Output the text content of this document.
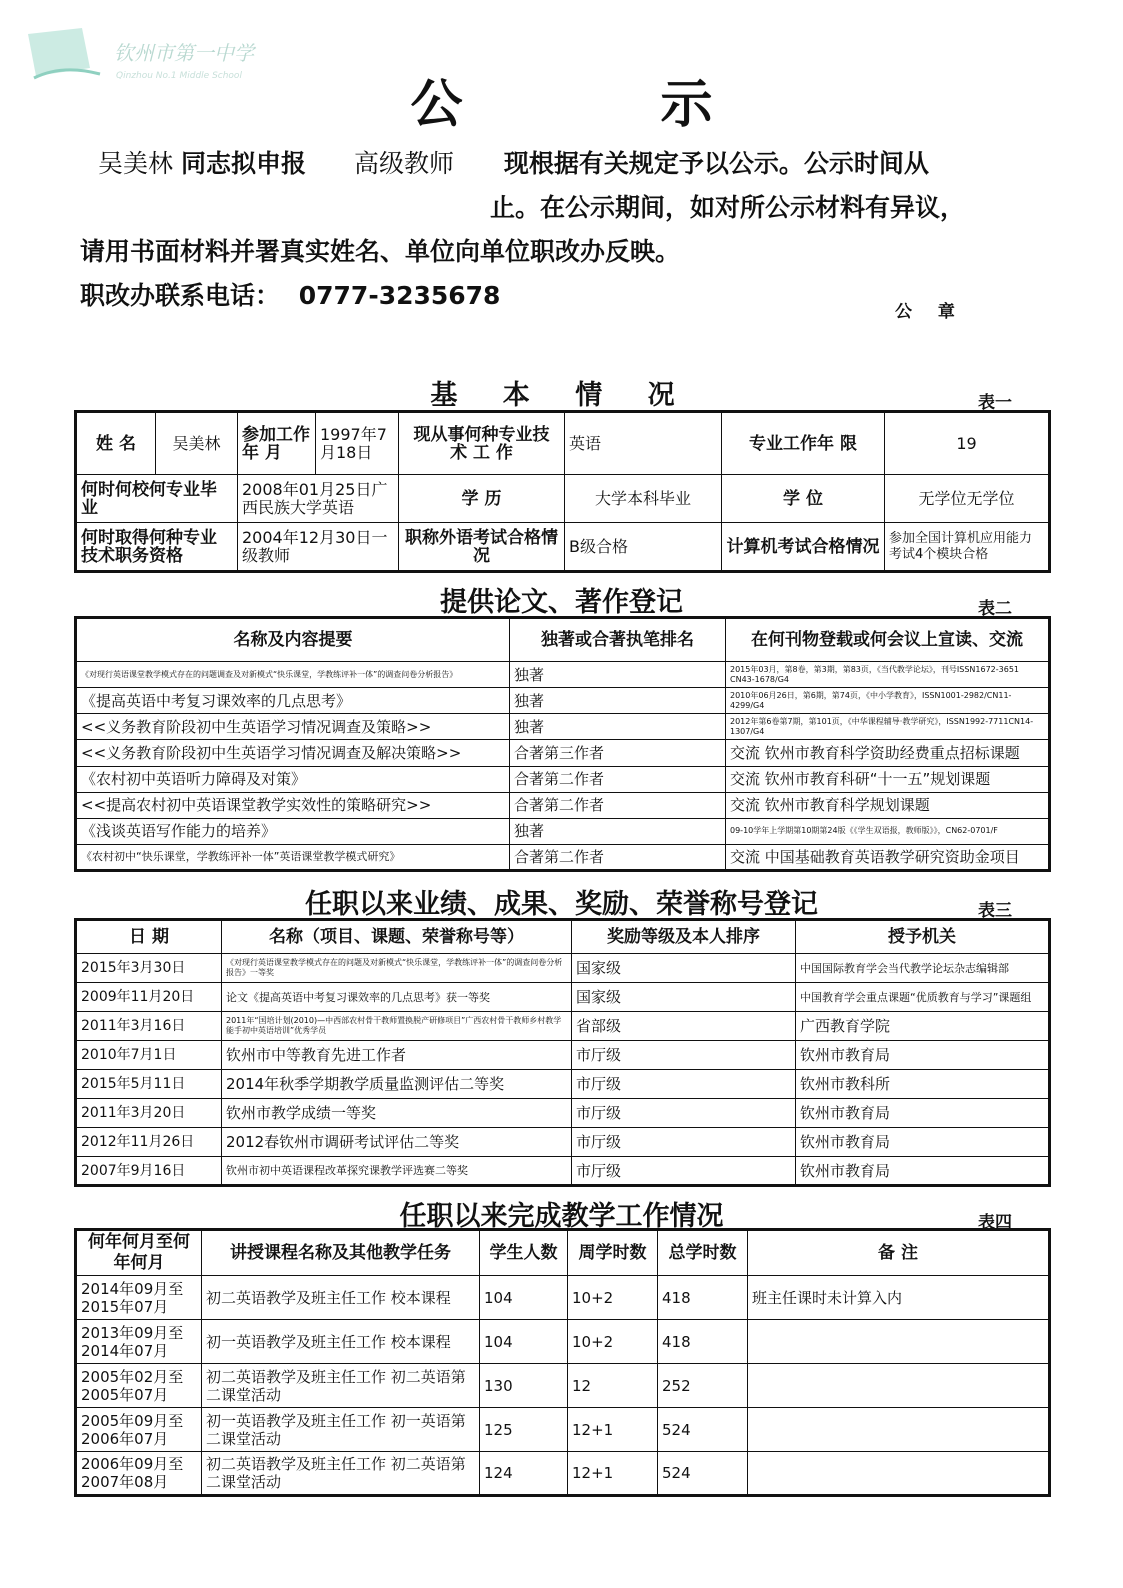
钦州市第一中学
Qinzhou No.1 Middle School	公 示
吴美林 同志拟申报 高级教师 现根据有关规定予以公示。公示时间从
止。在公示期间，如对所公示材料有异议，
请用书面材料并署真实姓名、单位向单位职改办反映。
职改办联系电话： 0777-3235678
公 章
基 本 情 况	表一
姓 名	吴美林	参加工作年 月	1997年7月18日	现从事何种专业技 术 工 作	英语	专业工作年 限	19
何时何校何专业毕 业		2008年01月25日广西民族大学英语		学 历	大学本科毕业	学 位	无学位无学位
何时取得何种专业技术职务资格		2004年12月30日一级教师		职称外语考试合格情况	B级合格	计算机考试合格情况	参加全国计算机应用能力考试4个模块合格
提供论文、著作登记	表二
名称及内容提要	独著或合著执笔排名	在何刊物登载或何会议上宣读、交流
《对现行英语课堂教学模式存在的问题调查及对新模式“快乐课堂，学教练评补一体”的调查问卷分析报告》	独著	2015年03月，第8卷，第3期，第83页，《当代教学论坛》，刊号ISSN1672-3651 CN43-1678/G4
《提高英语中考复习课效率的几点思考》	独著	2010年06月26日，第6期，第74页，《中小学教育》，ISSN1001-2982/CN11-4299/G4
<<义务教育阶段初中生英语学习情况调查及策略>>	独著	2012年第6卷第7期，第101页，《中华课程辅导·教学研究》，ISSN1992-7711CN14-1307/G4
<<义务教育阶段初中生英语学习情况调查及解决策略>>	合著第三作者	交流 钦州市教育科学资助经费重点招标课题
《农村初中英语听力障碍及对策》	合著第二作者	交流 钦州市教育科研“十一五”规划课题
<<提高农村初中英语课堂教学实效性的策略研究>>	合著第二作者	交流 钦州市教育科学规划课题
《浅谈英语写作能力的培养》	独著	09-10学年上学期第10期第24版《《学生双语报，教师版》》，CN62-0701/F
《农村初中“快乐课堂，学教练评补一体”英语课堂教学模式研究》	合著第二作者	交流 中国基础教育英语教学研究资助金项目
任职以来业绩、成果、奖励、荣誉称号登记	表三
日 期	名称（项目、课题、荣誉称号等）	奖励等级及本人排序	授予机关
2015年3月30日	《对现行英语课堂教学模式存在的问题及对新模式“快乐课堂，学教练评补一体”的调查问卷分析报告》一等奖	国家级	中国国际教育学会当代教学论坛杂志编辑部
2009年11月20日	论文《提高英语中考复习课效率的几点思考》获一等奖	国家级	中国教育学会重点课题“优质教育与学习”课题组
2011年3月16日	2011年“国培计划(2010)—中西部农村骨干教师置换脱产研修项目”广西农村骨干教师乡村教学能手初中英语培训”优秀学员	省部级	广西教育学院
2010年7月1日	钦州市中等教育先进工作者	市厅级	钦州市教育局
2015年5月11日	2014年秋季学期教学质量监测评估二等奖	市厅级	钦州市教科所
2011年3月20日	钦州市教学成绩一等奖	市厅级	钦州市教育局
2012年11月26日	2012春钦州市调研考试评估二等奖	市厅级	钦州市教育局
2007年9月16日	钦州市初中英语课程改革探究课教学评选赛二等奖	市厅级	钦州市教育局
任职以来完成教学工作情况	表四
何年何月至何年何月	讲授课程名称及其他教学任务	学生人数	周学时数	总学时数	备 注
2014年09月至2015年07月	初二英语教学及班主任工作 校本课程	104	10+2	418	班主任课时未计算入内
2013年09月至2014年07月	初一英语教学及班主任工作 校本课程	104	10+2	418	
2005年02月至2005年07月	初二英语教学及班主任工作 初二英语第二课堂活动	130	12	252	
2005年09月至2006年07月	初一英语教学及班主任工作 初一英语第二课堂活动	125	12+1	524	
2006年09月至2007年08月	初二英语教学及班主任工作 初二英语第二课堂活动	124	12+1	524	
